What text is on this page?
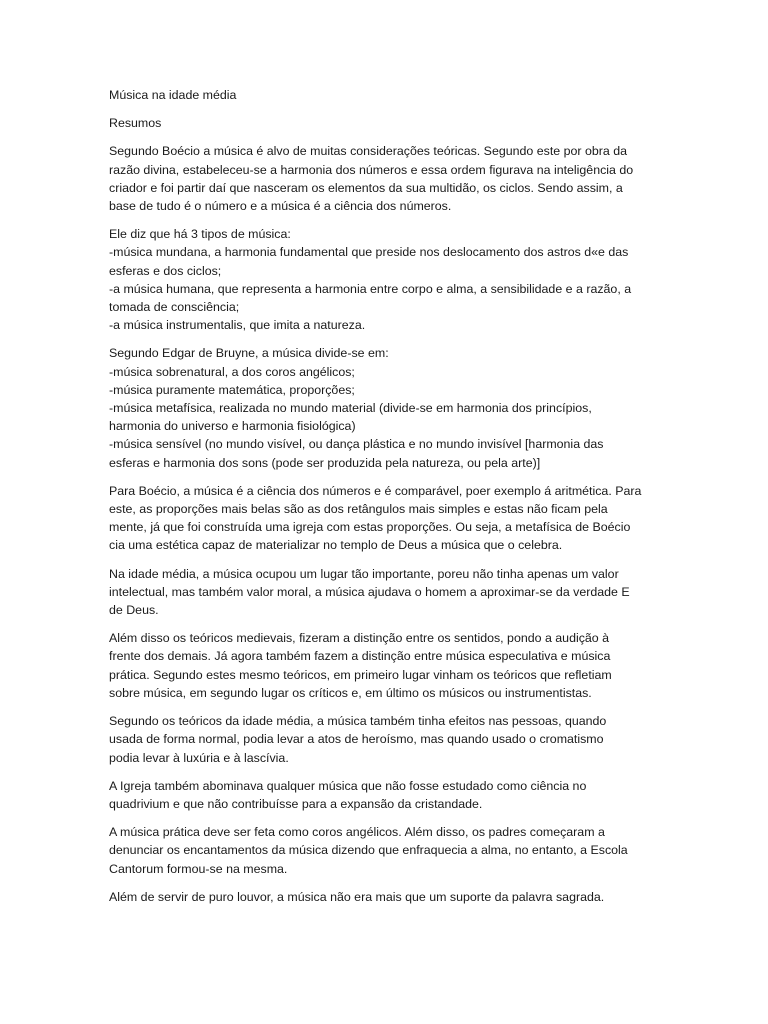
Música na idade média
Resumos
Segundo Boécio a música é alvo de muitas considerações teóricas. Segundo este por obra da
razão divina, estabeleceu-se a harmonia dos números e essa ordem figurava na inteligência do
criador e foi partir daí que nasceram os elementos da sua multidão, os ciclos. Sendo assim, a
base de tudo é o número e a música é a ciência dos números.
Ele diz que há 3 tipos de música:
-música mundana, a harmonia fundamental que preside nos deslocamento dos astros d«e das
esferas e dos ciclos;
-a música humana, que representa a harmonia entre corpo e alma, a sensibilidade e a razão, a
tomada de consciência;
-a música instrumentalis, que imita a natureza.
Segundo Edgar de Bruyne, a música divide-se em:
-música sobrenatural, a dos coros angélicos;
-música puramente matemática, proporções;
-música metafísica, realizada no mundo material (divide-se em harmonia dos princípios,
harmonia do universo e harmonia fisiológica)
-música sensível (no mundo visível, ou dança plástica e no mundo invisível [harmonia das
esferas e harmonia dos sons (pode ser produzida pela natureza, ou pela arte)]
Para Boécio, a música é a ciência dos números e é comparável, poer exemplo á aritmética. Para
este, as proporções mais belas são as dos retângulos mais simples e estas não ficam pela
mente, já que foi construída uma igreja com estas proporções. Ou seja, a metafísica de Boécio
cia uma estética capaz de materializar no templo de Deus a música que o celebra.
Na idade média, a música ocupou um lugar tão importante, poreu não tinha apenas um valor
intelectual, mas também valor moral, a música ajudava o homem a aproximar-se da verdade E
de Deus.
Além disso os teóricos medievais, fizeram a distinção entre os sentidos, pondo a audição à
frente dos demais. Já agora também fazem a distinção entre música especulativa e música
prática. Segundo estes mesmo teóricos, em primeiro lugar vinham os teóricos que refletiam
sobre música, em segundo lugar os críticos e, em último os músicos ou instrumentistas.
Segundo os teóricos da idade média, a música também tinha efeitos nas pessoas, quando
usada de forma normal, podia levar a atos de heroísmo, mas quando usado o cromatismo
podia levar à luxúria e à lascívia.
A Igreja também abominava qualquer música que não fosse estudado como ciência no
quadrivium e que não contribuísse para a expansão da cristandade.
A música prática deve ser feta como coros angélicos. Além disso, os padres começaram a
denunciar os encantamentos da música dizendo que enfraquecia a alma, no entanto, a Escola
Cantorum formou-se na mesma.
Além de servir de puro louvor, a música não era mais que um suporte da palavra sagrada.
